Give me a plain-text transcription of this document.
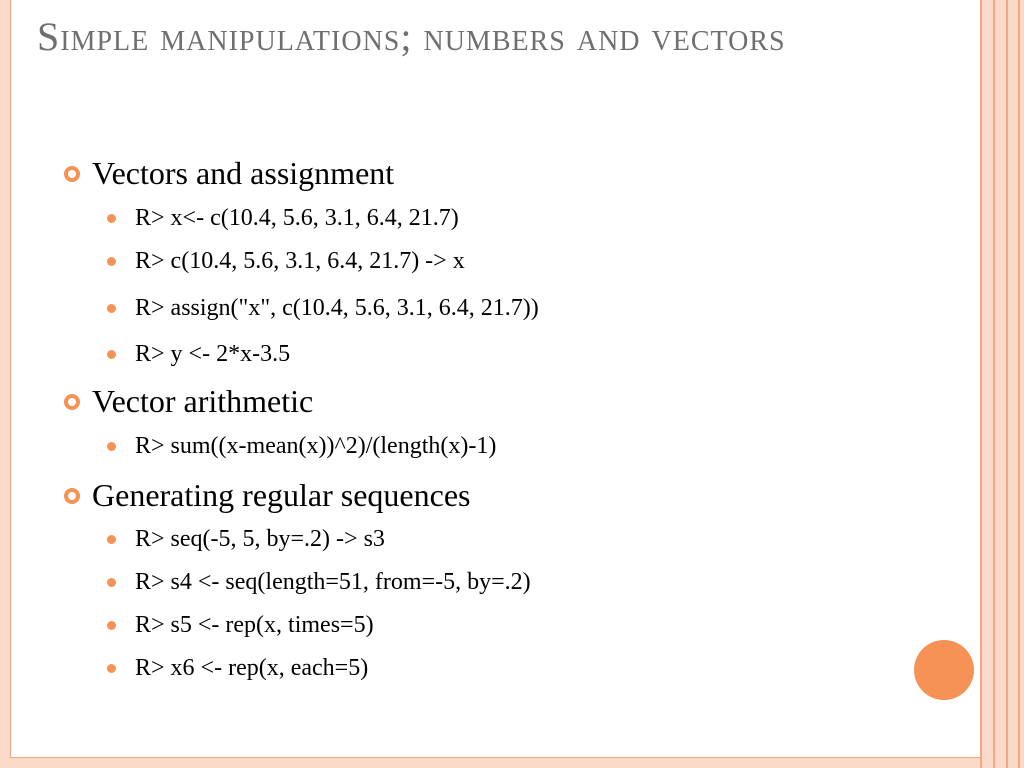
Simple manipulations; numbers and vectors
Vectors and assignment
R> x<- c(10.4, 5.6, 3.1, 6.4, 21.7)
R> c(10.4, 5.6, 3.1, 6.4, 21.7) -> x
R> assign("x", c(10.4, 5.6, 3.1, 6.4, 21.7))
R> y <- 2*x-3.5
Vector arithmetic
R> sum((x-mean(x))^2)/(length(x)-1)
Generating regular sequences
R> seq(-5, 5, by=.2) -> s3
R> s4 <- seq(length=51, from=-5, by=.2)
R> s5 <- rep(x, times=5)
R> x6 <- rep(x, each=5)
